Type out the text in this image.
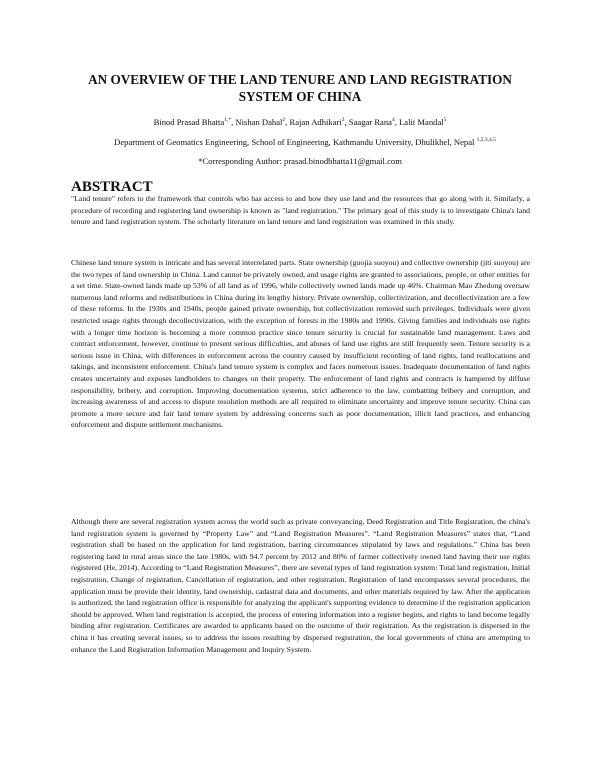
AN OVERVIEW OF THE LAND TENURE AND LAND REGISTRATION SYSTEM OF CHINA

Binod Prasad Bhatta$^{1,*}$, Nishan Dahal$^2$, Rajan Adhikari$^3$, Saagar Rana$^4$, Lalit Mandal$^5$

Department of Geomatics Engineering, School of Engineering, Kathmandu University, Dhulikhel, Nepal $^{1,2,3,4,5}$

*Corresponding Author: prasad.binodbhatta11@gmail.com

ABSTRACT

"Land tenure" refers to the framework that controls who has access to and how they use land and the resources that go along with it. Similarly, a procedure of recording and registering land ownership is known as "land registration." The primary goal of this study is to investigate China's land tenure and land registration system. The scholarly literature on land tenure and land registration was examined in this study.

Chinese land tenure system is intricate and has several interrelated parts. State ownership (guojia suoyou) and collective ownership (jiti suoyou) are the two types of land ownership in China. Land cannot be privately owned, and usage rights are granted to associations, people, or other entities for a set time. State-owned lands made up 53% of all land as of 1996, while collectively owned lands made up 46%. Chairman Mao Zhedong oversaw numerous land reforms and redistributions in China during its lengthy history. Private ownership, collectivization, and decollectivization are a few of these reforms. In the 1930s and 1940s, people gained private ownership, but collectivization removed such privileges. Individuals were given restricted usage rights through decollectivization, with the exception of forests in the 1980s and 1990s. Giving families and individuals use rights with a longer time horizon is becoming a more common practice since tenure security is crucial for sustainable land management. Laws and contract enforcement, however, continue to present serious difficulties, and abuses of land use rights are still frequently seen. Tenure security is a serious issue in China, with differences in enforcement across the country caused by insufficient recording of land rights, land reallocations and takings, and inconsistent enforcement. China's land tenure system is complex and faces numerous issues. Inadequate documentation of land rights creates uncertainty and exposes landholders to changes on their property. The enforcement of land rights and contracts is hampered by diffuse responsibility, bribery, and corruption. Improving documentation systems, strict adherence to the law, combatting bribery and corruption, and increasing awareness of and access to dispute resolution methods are all required to eliminate uncertainty and improve tenure security. China can promote a more secure and fair land tenure system by addressing concerns such as poor documentation, illicit land practices, and enhancing enforcement and dispute settlement mechanisms.

Although there are several registration system across the world such as private conveyancing, Deed Registration and Title Registration, the china's land registration system is governed by “Property Law” and “Land Registration Measures”. “Land Registration Measures” states that, “Land registration shall be based on the application for land registration, barring circumstances stipulated by laws and regulations.” China has been registering land in rural areas since the late 1980s, with 94.7 percent by 2012 and 80% of farmer collectively owned land having their use rights registered (He, 2014). According to “Land Registration Measures”, there are several types of land registration system: Total land registration, Initial registration, Change of registration, Cancellation of registration, and other registration. Registration of land encompasses several procedures, the application must be provide their identity, land ownership, cadastral data and documents, and other materials required by law. After the application is authorized, the land registration office is responsible for analyzing the applicant's supporting evidence to determine if the registration application should be approved. When land registration is accepted, the process of entering information into a register begins, and rights to land become legally binding after registration. Certificates are awarded to applicants based on the outcome of their registration. As the registration is dispersed in the china it has creating several issues, so to address the issues resulting by dispersed registration, the local governments of china are attempting to enhance the Land Registration Information Management and Inquiry System.
